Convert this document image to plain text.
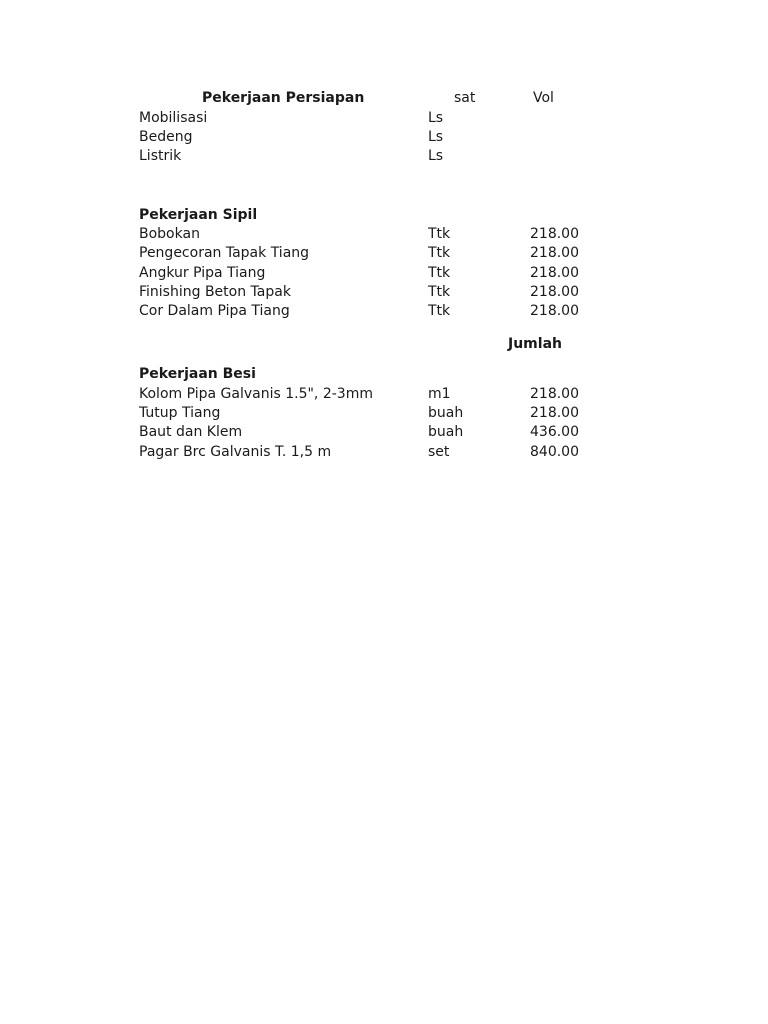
Pekerjaan Persiapan	sat	Vol
Mobilisasi	Ls
Bedeng	Ls
Listrik	Ls
Pekerjaan Sipil
Bobokan	Ttk	218.00
Pengecoran Tapak Tiang	Ttk	218.00
Angkur Pipa Tiang	Ttk	218.00
Finishing Beton Tapak	Ttk	218.00
Cor Dalam Pipa Tiang	Ttk	218.00
Jumlah
Pekerjaan Besi
Kolom Pipa Galvanis 1.5", 2-3mm	m1	218.00
Tutup Tiang	buah	218.00
Baut dan Klem	buah	436.00
Pagar Brc Galvanis T. 1,5 m	set	840.00
